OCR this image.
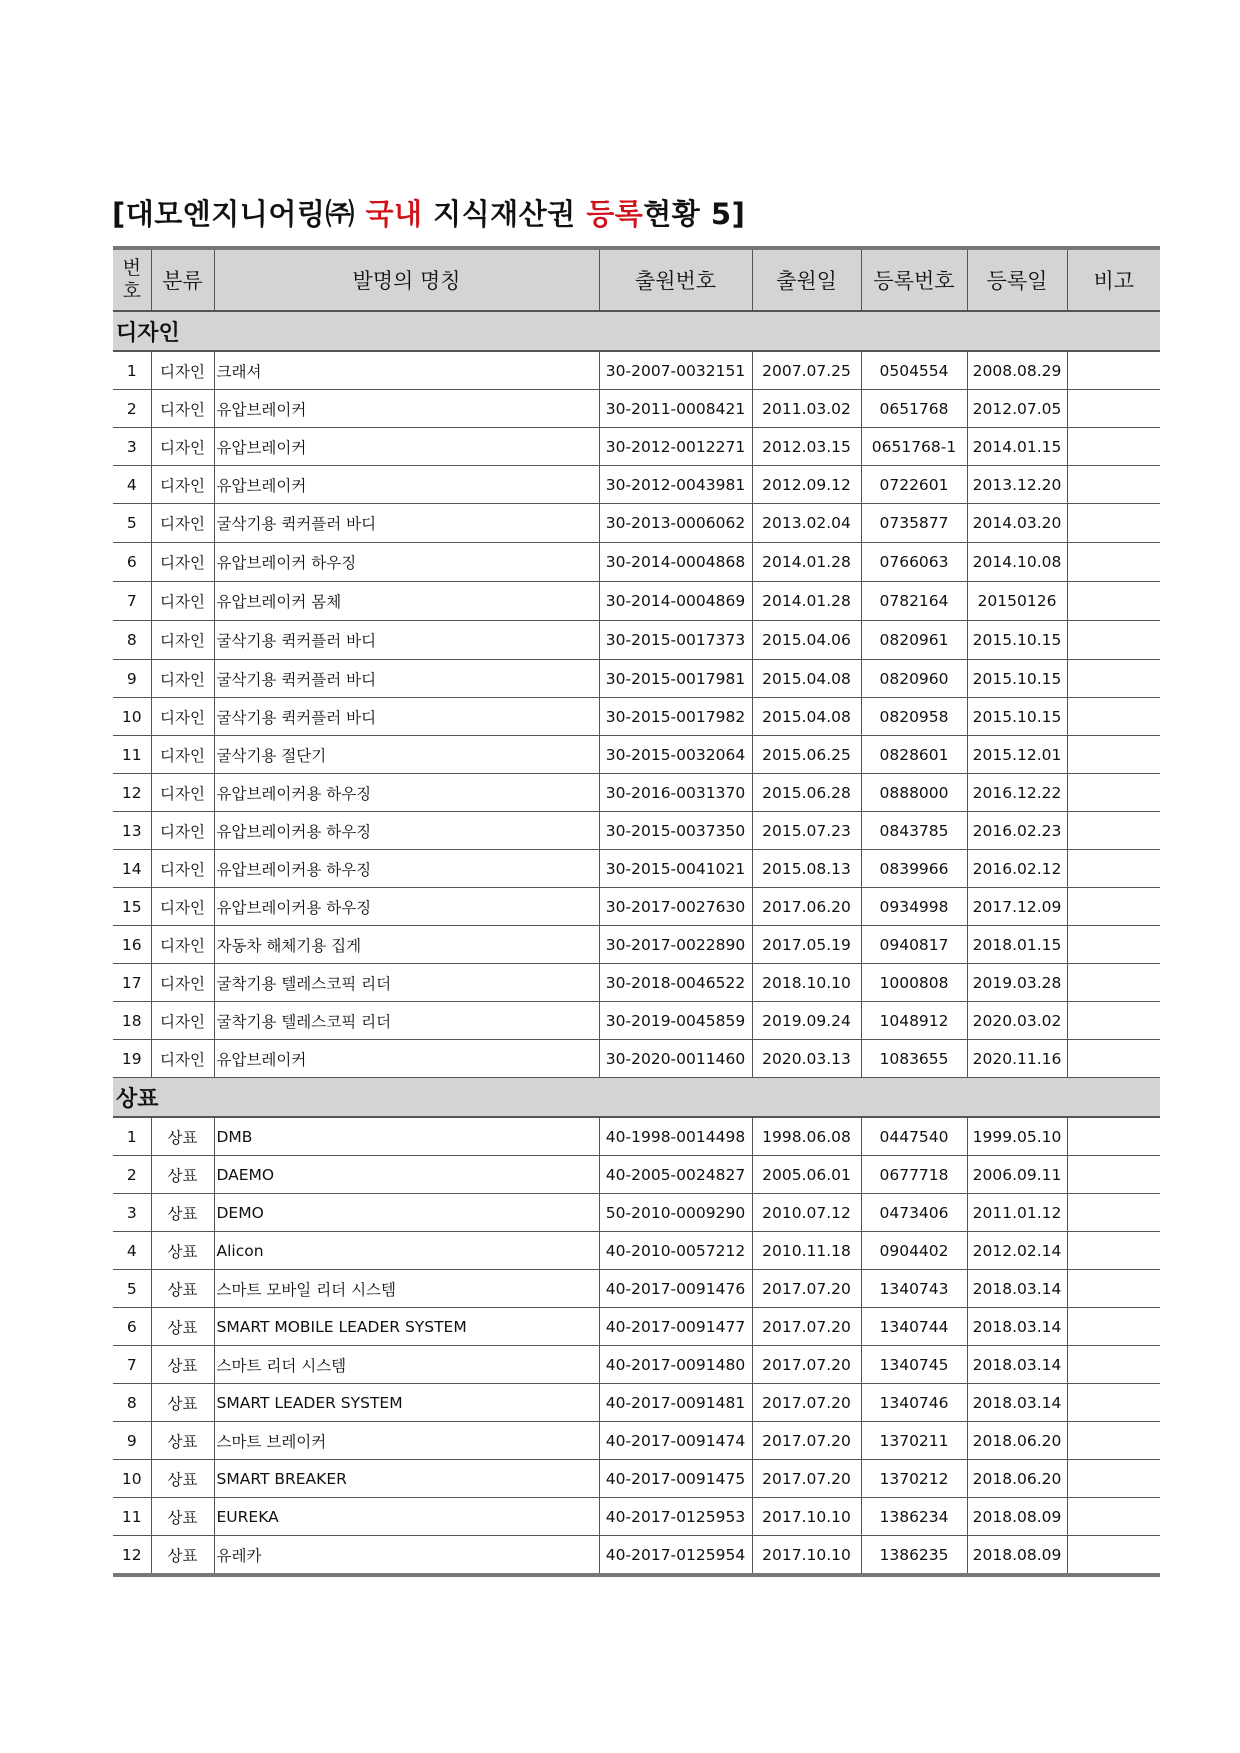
[대모엔지니어링㈜ 국내 지식재산권 등록현황 5]
번호	분류	발명의 명칭	출원번호	출원일	등록번호	등록일	비고
디자인							
1	디자인	크래셔	30-2007-0032151	2007.07.25	0504554	2008.08.29	
2	디자인	유압브레이커	30-2011-0008421	2011.03.02	0651768	2012.07.05	
3	디자인	유압브레이커	30-2012-0012271	2012.03.15	0651768-1	2014.01.15	
4	디자인	유압브레이커	30-2012-0043981	2012.09.12	0722601	2013.12.20	
5	디자인	굴삭기용 퀵커플러 바디	30-2013-0006062	2013.02.04	0735877	2014.03.20	
6	디자인	유압브레이커 하우징	30-2014-0004868	2014.01.28	0766063	2014.10.08	
7	디자인	유압브레이커 몸체	30-2014-0004869	2014.01.28	0782164	20150126	
8	디자인	굴삭기용 퀵커플러 바디	30-2015-0017373	2015.04.06	0820961	2015.10.15	
9	디자인	굴삭기용 퀵커플러 바디	30-2015-0017981	2015.04.08	0820960	2015.10.15	
10	디자인	굴삭기용 퀵커플러 바디	30-2015-0017982	2015.04.08	0820958	2015.10.15	
11	디자인	굴삭기용 절단기	30-2015-0032064	2015.06.25	0828601	2015.12.01	
12	디자인	유압브레이커용 하우징	30-2016-0031370	2015.06.28	0888000	2016.12.22	
13	디자인	유압브레이커용 하우징	30-2015-0037350	2015.07.23	0843785	2016.02.23	
14	디자인	유압브레이커용 하우징	30-2015-0041021	2015.08.13	0839966	2016.02.12	
15	디자인	유압브레이커용 하우징	30-2017-0027630	2017.06.20	0934998	2017.12.09	
16	디자인	자동차 해체기용 집게	30-2017-0022890	2017.05.19	0940817	2018.01.15	
17	디자인	굴착기용 텔레스코픽 리더	30-2018-0046522	2018.10.10	1000808	2019.03.28	
18	디자인	굴착기용 텔레스코픽 리더	30-2019-0045859	2019.09.24	1048912	2020.03.02	
19	디자인	유압브레이커	30-2020-0011460	2020.03.13	1083655	2020.11.16	
상표							
1	상표	DMB	40-1998-0014498	1998.06.08	0447540	1999.05.10	
2	상표	DAEMO	40-2005-0024827	2005.06.01	0677718	2006.09.11	
3	상표	DEMO	50-2010-0009290	2010.07.12	0473406	2011.01.12	
4	상표	Alicon	40-2010-0057212	2010.11.18	0904402	2012.02.14	
5	상표	스마트 모바일 리더 시스템	40-2017-0091476	2017.07.20	1340743	2018.03.14	
6	상표	SMART MOBILE LEADER SYSTEM	40-2017-0091477	2017.07.20	1340744	2018.03.14	
7	상표	스마트 리더 시스템	40-2017-0091480	2017.07.20	1340745	2018.03.14	
8	상표	SMART LEADER SYSTEM	40-2017-0091481	2017.07.20	1340746	2018.03.14	
9	상표	스마트 브레이커	40-2017-0091474	2017.07.20	1370211	2018.06.20	
10	상표	SMART BREAKER	40-2017-0091475	2017.07.20	1370212	2018.06.20	
11	상표	EUREKA	40-2017-0125953	2017.10.10	1386234	2018.08.09	
12	상표	유레카	40-2017-0125954	2017.10.10	1386235	2018.08.09	
